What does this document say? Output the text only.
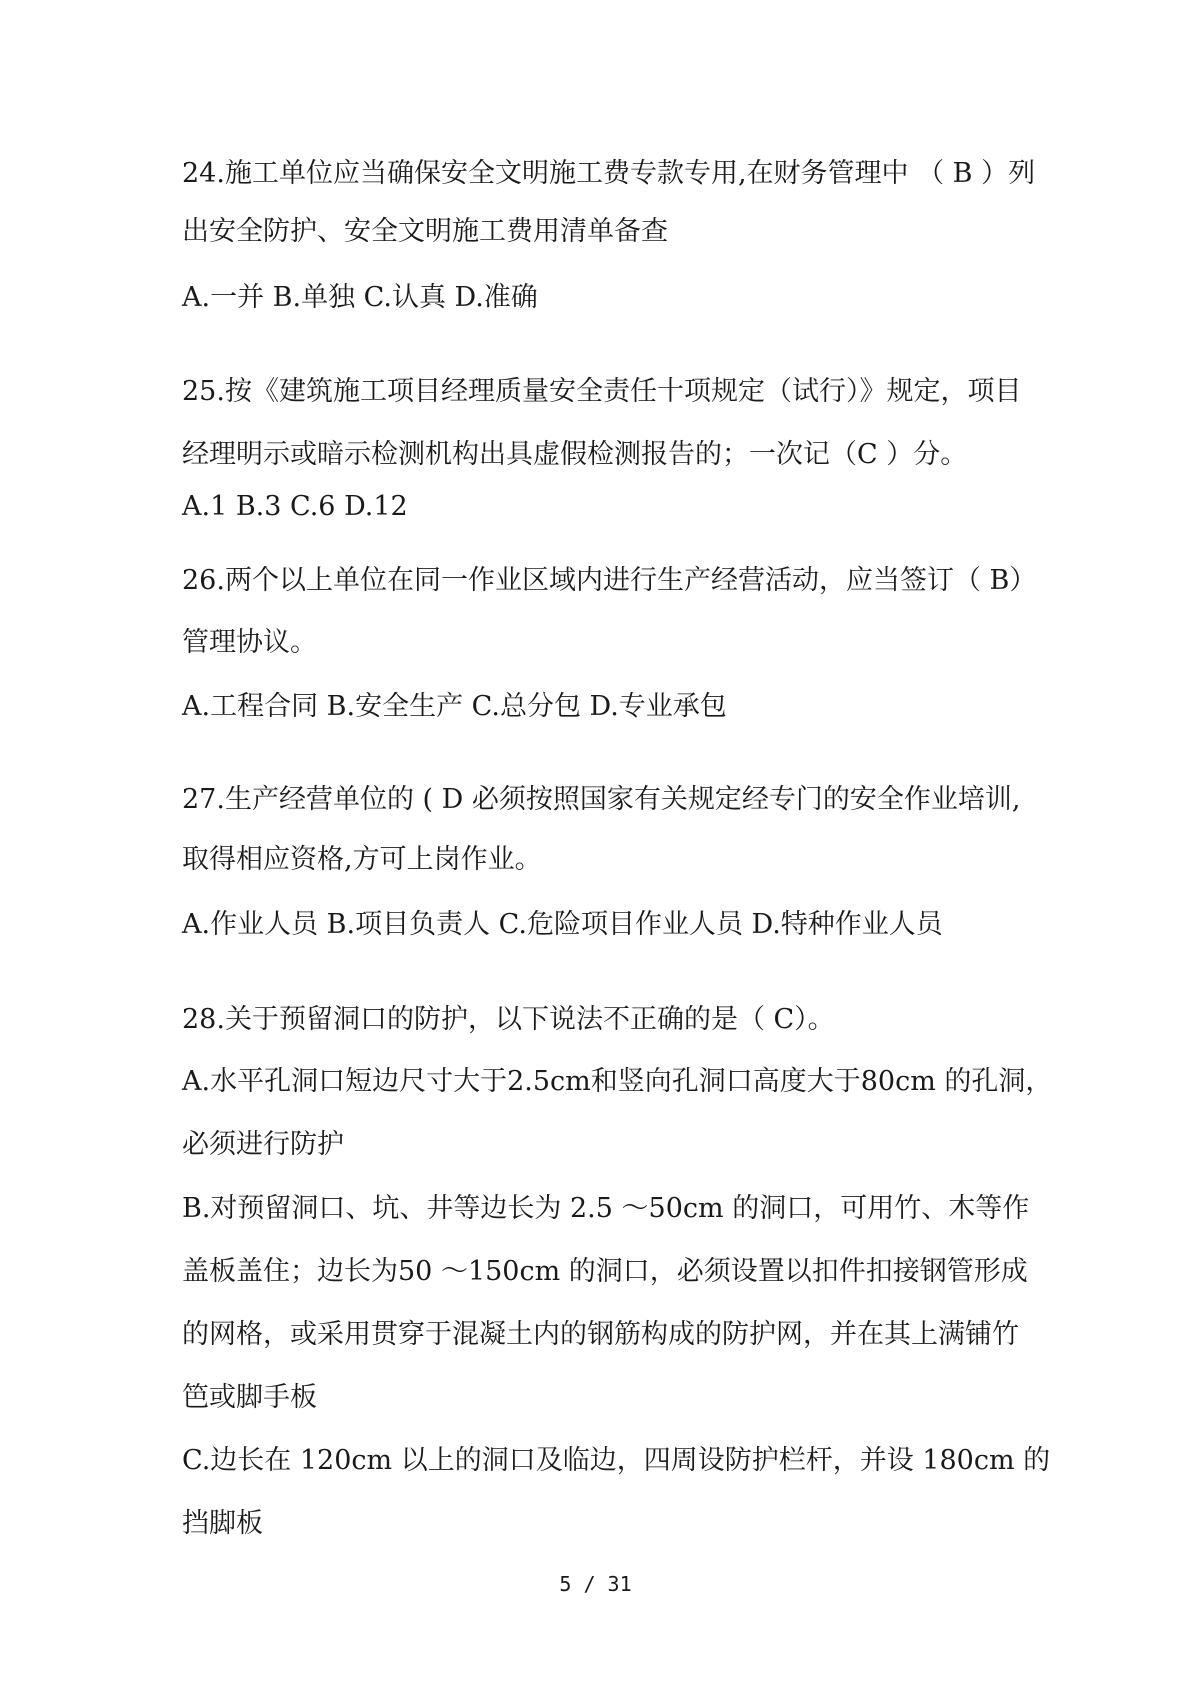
24.施工单位应当确保安全文明施工费专款专用,在财务管理中 （ B ）列
出安全防护、安全文明施工费用清单备查
A.一并 B.单独 C.认真 D.准确
25.按《建筑施工项目经理质量安全责任十项规定（试行）》规定，项目
经理明示或暗示检测机构出具虚假检测报告的；一次记（C ）分。
A.1 B.3 C.6 D.12
26.两个以上单位在同一作业区域内进行生产经营活动，应当签订（ B）
管理协议。
A.工程合同 B.安全生产 C.总分包 D.专业承包
27.生产经营单位的 ( D 必须按照国家有关规定经专门的安全作业培训,
取得相应资格,方可上岗作业。
A.作业人员 B.项目负责人 C.危险项目作业人员 D.特种作业人员
28.关于预留洞口的防护，以下说法不正确的是（ C）。
A.水平孔洞口短边尺寸大于2.5cm和竖向孔洞口高度大于80cm 的孔洞，
必须进行防护
B.对预留洞口、坑、井等边长为 2.5 ～50cm 的洞口，可用竹、木等作
盖板盖住；边长为50 ～150cm 的洞口，必须设置以扣件扣接钢管形成
的网格，或采用贯穿于混凝土内的钢筋构成的防护网，并在其上满铺竹
笆或脚手板
C.边长在 120cm 以上的洞口及临边，四周设防护栏杆，并设 180cm 的
挡脚板
5 / 31
